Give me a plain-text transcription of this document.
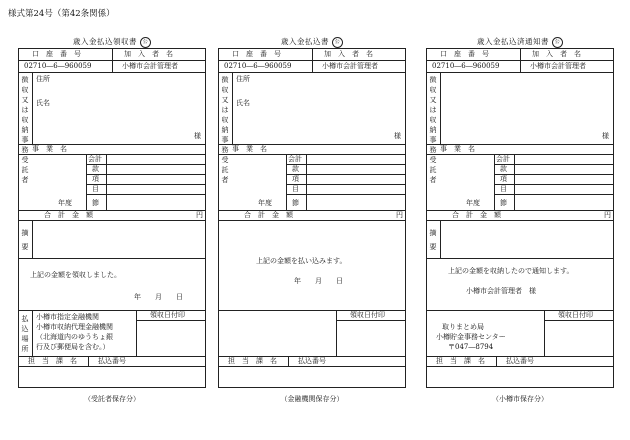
様式第24号（第42条関係）
歳入金払込領収書 公
口　座　番　号	加　入　者　名
02710―6―960059	小樽市会計管理者
徴収又は収納事務受託者
住所
氏名
様
事　業　名
会計
款
項
目
節
年度
合　計　金　額	円
摘要
上記の金額を領収しました。
年　　月　　日
払込場所
小樽市指定金融機関
小樽市収納代理金融機関
（北海道内のゆうちょ銀
行及び郵便局を含む。）
領収日付印
担　当　課　名	払込番号
（受託者保存分）
歳入金払込書 公
口　座　番　号	加　入　者　名
02710―6―960059	小樽市会計管理者
徴収又は収納事務受託者
住所
氏名
様
事　業　名
会計
款
項
目
節
年度
合　計　金　額	円
上記の金額を払い込みます。
年　　月　　日
領収日付印
担　当　課　名	払込番号
（金融機関保存分）
歳入金払込済通知書 公
口　座　番　号	加　入　者　名
02710―6―960059	小樽市会計管理者
徴収又は収納事務受託者
様
事　業　名
会計
款
項
目
節
年度
合　計　金　額	円
摘要
上記の金額を収納したので通知します。
小樽市会計管理者　様
領収日付印
取りまとめ局
小樽貯金事務センター
〒047―8794
担　当　課　名	払込番号
（小樽市保存分）
